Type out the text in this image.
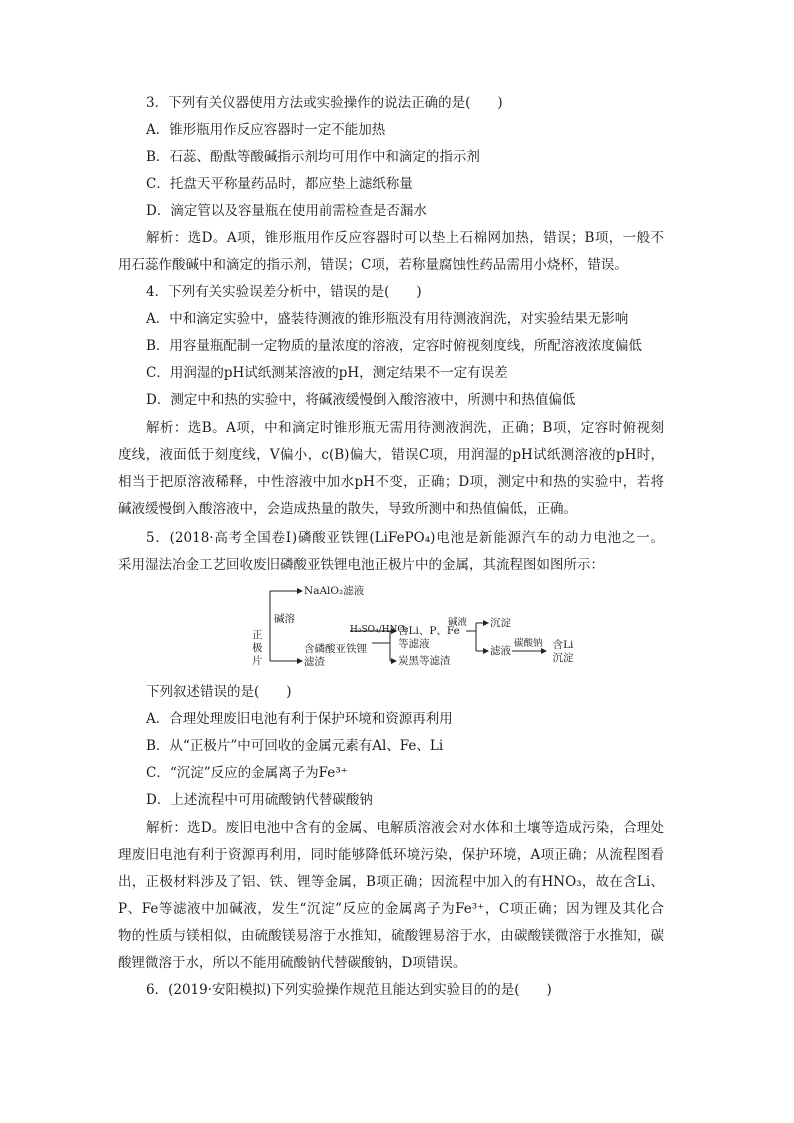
3．下列有关仪器使用方法或实验操作的说法正确的是(　　)
A．锥形瓶用作反应容器时一定不能加热
B．石蕊、酚酞等酸碱指示剂均可用作中和滴定的指示剂
C．托盘天平称量药品时，都应垫上滤纸称量
D．滴定管以及容量瓶在使用前需检查是否漏水
解析：选D。A项，锥形瓶用作反应容器时可以垫上石棉网加热，错误；B项，一般不
用石蕊作酸碱中和滴定的指示剂，错误；C项，若称量腐蚀性药品需用小烧杯，错误。
4．下列有关实验误差分析中，错误的是(　　)
A．中和滴定实验中，盛装待测液的锥形瓶没有用待测液润洗，对实验结果无影响
B．用容量瓶配制一定物质的量浓度的溶液，定容时俯视刻度线，所配溶液浓度偏低
C．用润湿的pH试纸测某溶液的pH，测定结果不一定有误差
D．测定中和热的实验中，将碱液缓慢倒入酸溶液中，所测中和热值偏低
解析：选B。A项，中和滴定时锥形瓶无需用待测液润洗，正确；B项，定容时俯视刻
度线，液面低于刻度线，V偏小，c(B)偏大，错误C项，用润湿的pH试纸测溶液的pH时，
相当于把原溶液稀释，中性溶液中加水pH不变，正确；D项，测定中和热的实验中，若将
碱液缓慢倒入酸溶液中，会造成热量的散失，导致所测中和热值偏低，正确。
5．(2018·高考全国卷Ⅰ)磷酸亚铁锂(LiFePO₄)电池是新能源汽车的动力电池之一。
采用湿法冶金工艺回收废旧磷酸亚铁锂电池正极片中的金属，其流程图如图所示：
正极片
碱溶
NaAlO₂滤液
含磷酸亚铁锂滤渣
H₂SO₄/HNO₃
含Li、P、Fe等滤液
炭黑等滤渣
碱液 沉淀
滤液
碳酸钠 含Li沉淀
下列叙述错误的是(　　)
A．合理处理废旧电池有利于保护环境和资源再利用
B．从“正极片”中可回收的金属元素有Al、Fe、Li
C．“沉淀”反应的金属离子为Fe³⁺
D．上述流程中可用硫酸钠代替碳酸钠
解析：选D。废旧电池中含有的金属、电解质溶液会对水体和土壤等造成污染，合理处
理废旧电池有利于资源再利用，同时能够降低环境污染，保护环境，A项正确；从流程图看
出，正极材料涉及了铝、铁、锂等金属，B项正确；因流程中加入的有HNO₃，故在含Li、
P、Fe等滤液中加碱液，发生“沉淀”反应的金属离子为Fe³⁺，C项正确；因为锂及其化合
物的性质与镁相似，由硫酸镁易溶于水推知，硫酸锂易溶于水，由碳酸镁微溶于水推知，碳
酸锂微溶于水，所以不能用硫酸钠代替碳酸钠，D项错误。
6．(2019·安阳模拟)下列实验操作规范且能达到实验目的的是(　　)
